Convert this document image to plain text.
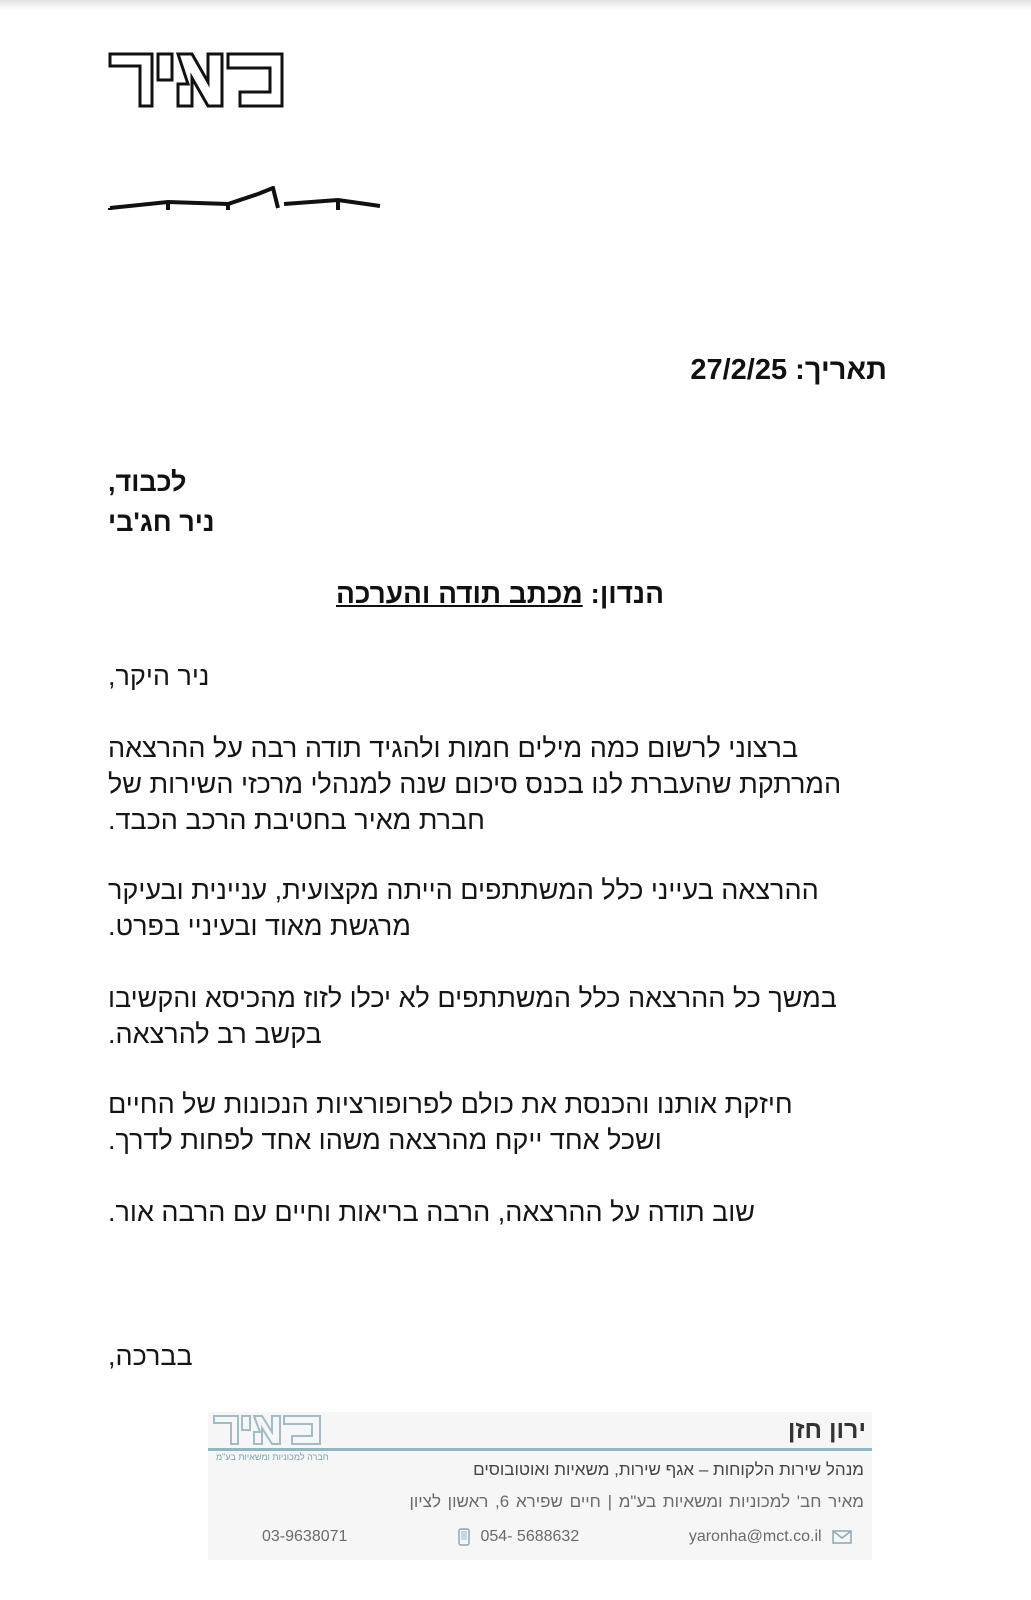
תאריך: 27/2/25
לכבוד,
ניר חג'בי
הנדון: מכתב תודה והערכה
ניר היקר,
ברצוני לרשום כמה מילים חמות ולהגיד תודה רבה על ההרצאה
המרתקת שהעברת לנו בכנס סיכום שנה למנהלי מרכזי השירות של
חברת מאיר בחטיבת הרכב הכבד.
ההרצאה בעייני כלל המשתתפים הייתה מקצועית, עניינית ובעיקר
מרגשת מאוד ובעיניי בפרט.
במשך כל ההרצאה כלל המשתתפים לא יכלו לזוז מהכיסא והקשיבו
בקשב רב להרצאה.
חיזקת אותנו והכנסת את כולם לפרופורציות הנכונות של החיים
ושכל אחד ייקח מהרצאה משהו אחד לפחות לדרך.
שוב תודה על ההרצאה, הרבה בריאות וחיים עם הרבה אור.
בברכה,
חברה למכוניות ומשאיות בע"מ
ירון חזן
מנהל שירות הלקוחות – אגף שירות, משאיות ואוטובוסים
מאיר חב' למכוניות ומשאיות בע"מ | חיים שפירא 6, ראשון לציון
yaronha@mct.co.il
054- 5688632
03-9638071
